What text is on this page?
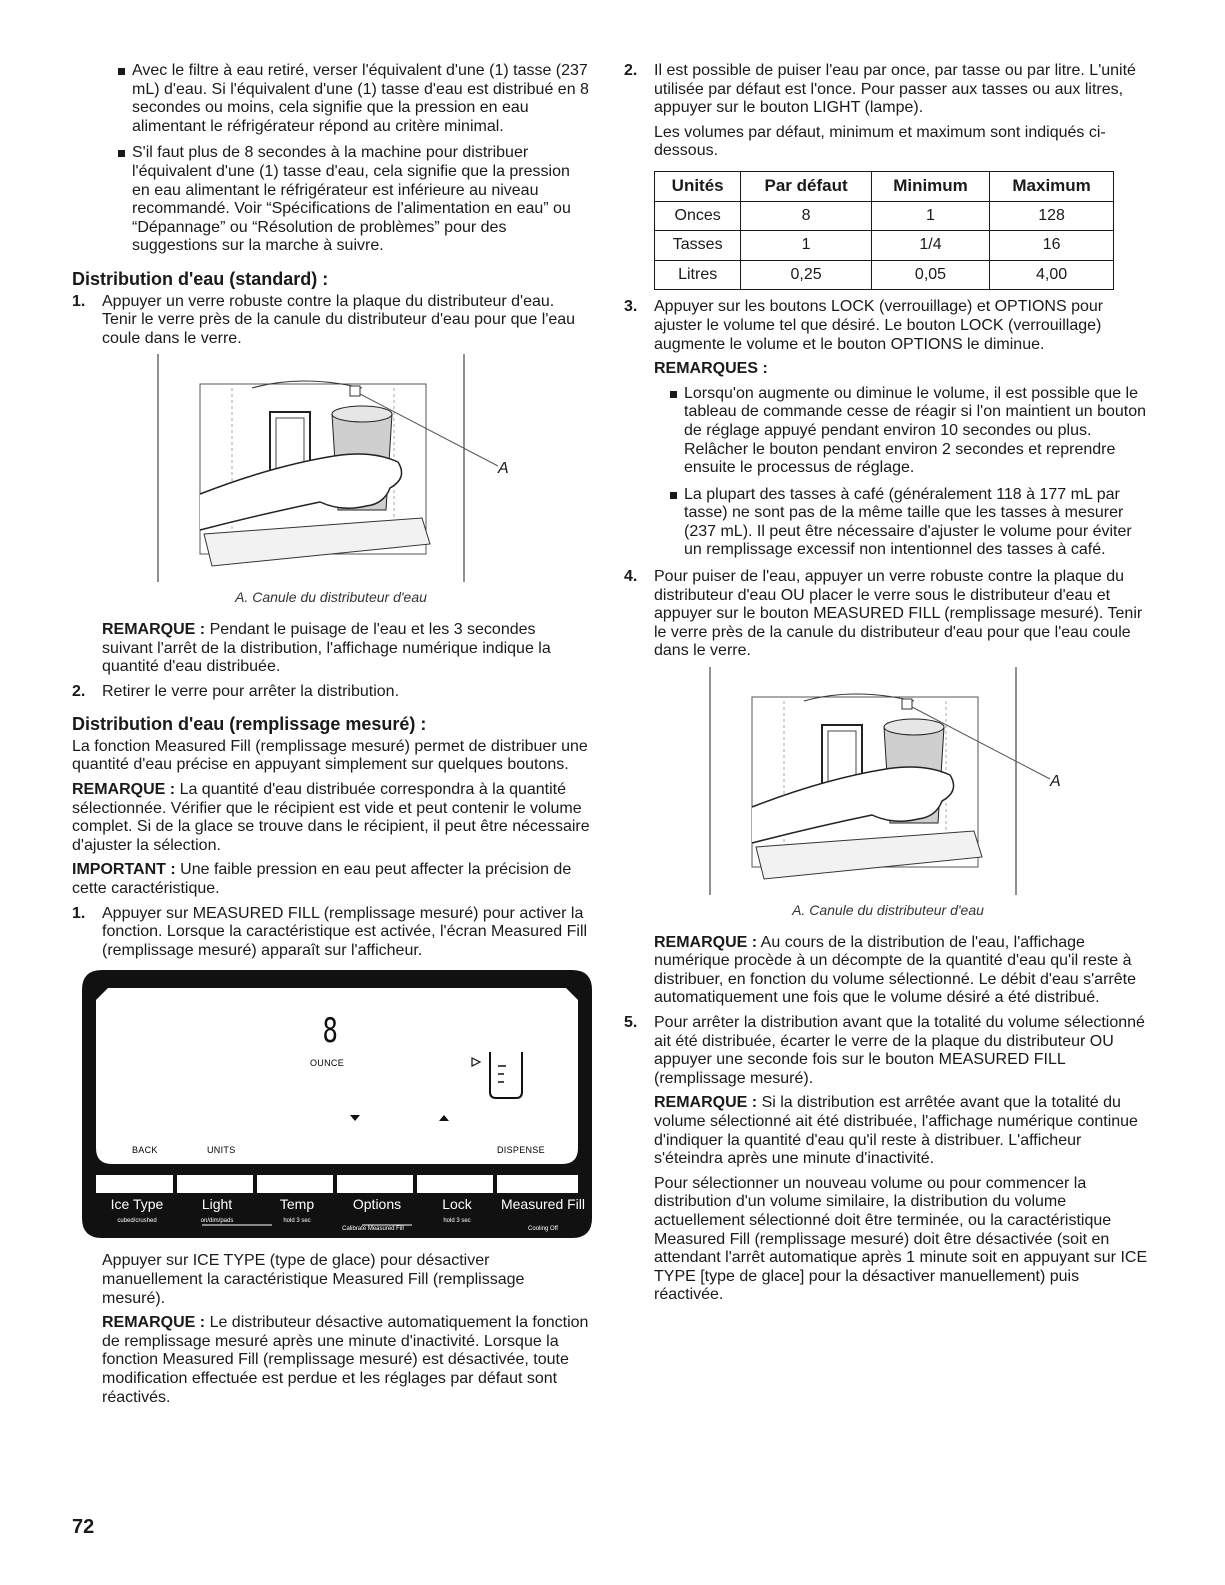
Avec le filtre à eau retiré, verser l'équivalent d'une (1) tasse (237 mL) d'eau. Si l'équivalent d'une (1) tasse d'eau est distribué en 8 secondes ou moins, cela signifie que la pression en eau alimentant le réfrigérateur répond au critère minimal.
S'il faut plus de 8 secondes à la machine pour distribuer l'équivalent d'une (1) tasse d'eau, cela signifie que la pression en eau alimentant le réfrigérateur est inférieure au niveau recommandé. Voir “Spécifications de l'alimentation en eau” ou “Dépannage” ou “Résolution de problèmes” pour des suggestions sur la marche à suivre.
Distribution d'eau (standard) :
1. Appuyer un verre robuste contre la plaque du distributeur d'eau. Tenir le verre près de la canule du distributeur d'eau pour que l'eau coule dans le verre.
A
A. Canule du distributeur d'eau

REMARQUE : Pendant le puisage de l'eau et les 3 secondes suivant l'arrêt de la distribution, l'affichage numérique indique la quantité d'eau distribuée.

2. Retirer le verre pour arrêter la distribution.
Distribution d'eau (remplissage mesuré) :

La fonction Measured Fill (remplissage mesuré) permet de distribuer une quantité d'eau précise en appuyant simplement sur quelques boutons.

REMARQUE : La quantité d'eau distribuée correspondra à la quantité sélectionnée. Vérifier que le récipient est vide et peut contenir le volume complet. Si de la glace se trouve dans le récipient, il peut être nécessaire d'ajuster la sélection.

IMPORTANT : Une faible pression en eau peut affecter la précision de cette caractéristique.

1. Appuyer sur MEASURED FILL (remplissage mesuré) pour activer la fonction. Lorsque la caractéristique est activée, l'écran Measured Fill (remplissage mesuré) apparaît sur l'afficheur.
8
OUNCE
BACK	UNITS	DISPENSE
Ice Type
cubed/crushed
Light
on/dim/pads
Temp
hold 3 sec
Options	Lock
hold 3 sec
Measured Fill
Calibrate Measured Fill	Cooling Off

Appuyer sur ICE TYPE (type de glace) pour désactiver manuellement la caractéristique Measured Fill (remplissage mesuré).

REMARQUE : Le distributeur désactive automatiquement la fonction de remplissage mesuré après une minute d'inactivité. Lorsque la fonction Measured Fill (remplissage mesuré) est désactivée, toute modification effectuée est perdue et les réglages par défaut sont réactivés.

2. Il est possible de puiser l'eau par once, par tasse ou par litre. L'unité utilisée par défaut est l'once. Pour passer aux tasses ou aux litres, appuyer sur le bouton LIGHT (lampe).

Les volumes par défaut, minimum et maximum sont indiqués ci-dessous.

Unités	Par défaut	Minimum	Maximum
Onces	8	1	128
Tasses	1	1/4	16
Litres	0,25	0,05	4,00
3. Appuyer sur les boutons LOCK (verrouillage) et OPTIONS pour ajuster le volume tel que désiré. Le bouton LOCK (verrouillage) augmente le volume et le bouton OPTIONS le diminue.

REMARQUES :

Lorsqu'on augmente ou diminue le volume, il est possible que le tableau de commande cesse de réagir si l'on maintient un bouton de réglage appuyé pendant environ 10 secondes ou plus. Relâcher le bouton pendant environ 2 secondes et reprendre ensuite le processus de réglage.
La plupart des tasses à café (généralement 118 à 177 mL par tasse) ne sont pas de la même taille que les tasses à mesurer (237 mL). Il peut être nécessaire d'ajuster le volume pour éviter un remplissage excessif non intentionnel des tasses à café.
4. Pour puiser de l'eau, appuyer un verre robuste contre la plaque du distributeur d'eau OU placer le verre sous le distributeur d'eau et appuyer sur le bouton MEASURED FILL (remplissage mesuré). Tenir le verre près de la canule du distributeur d'eau pour que l'eau coule dans le verre.
A
A. Canule du distributeur d'eau

REMARQUE : Au cours de la distribution de l'eau, l'affichage numérique procède à un décompte de la quantité d'eau qu'il reste à distribuer, en fonction du volume sélectionné. Le débit d'eau s'arrête automatiquement une fois que le volume désiré a été distribué.

5. Pour arrêter la distribution avant que la totalité du volume sélectionné ait été distribuée, écarter le verre de la plaque du distributeur OU appuyer une seconde fois sur le bouton MEASURED FILL (remplissage mesuré).

REMARQUE : Si la distribution est arrêtée avant que la totalité du volume sélectionné ait été distribuée, l'affichage numérique continue d'indiquer la quantité d'eau qu'il reste à distribuer. L'afficheur s'éteindra après une minute d'inactivité.

Pour sélectionner un nouveau volume ou pour commencer la distribution d'un volume similaire, la distribution du volume actuellement sélectionné doit être terminée, ou la caractéristique Measured Fill (remplissage mesuré) doit être désactivée (soit en attendant l'arrêt automatique après 1 minute soit en appuyant sur ICE TYPE [type de glace] pour la désactiver manuellement) puis réactivée.

72
